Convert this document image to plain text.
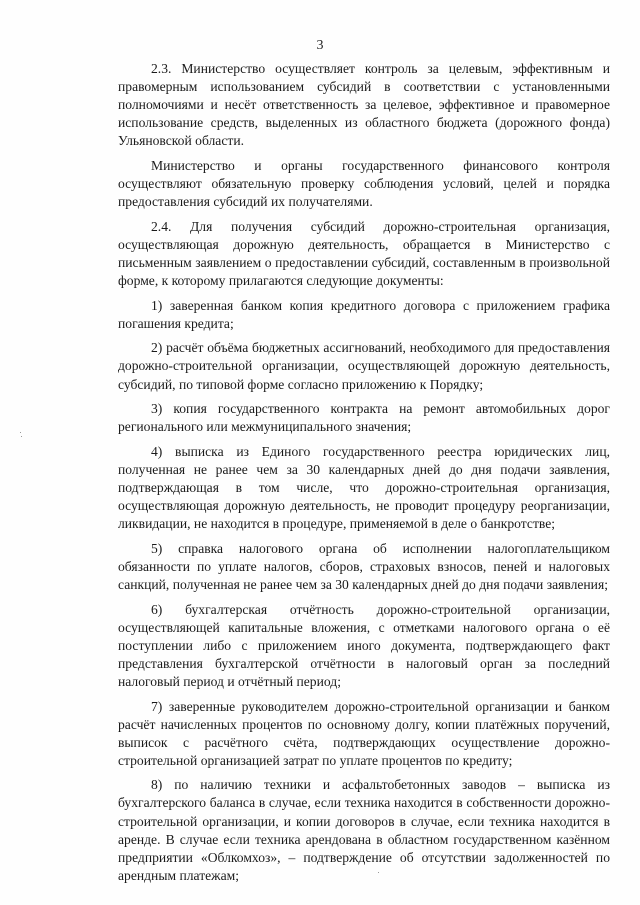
3

2.3. Министерство осуществляет контроль за целевым, эффективным и правомерным использованием субсидий в соответствии с установленными полномочиями и несёт ответственность за целевое, эффективное и правомерное использование средств, выделенных из областного бюджета (дорожного фонда) Ульяновской области.

Министерство и органы государственного финансового контроля осуществляют обязательную проверку соблюдения условий, целей и порядка предоставления субсидий их получателями.

2.4. Для получения субсидий дорожно-строительная организация, осуществляющая дорожную деятельность, обращается в Министерство с письменным заявлением о предоставлении субсидий, составленным в произвольной форме, к которому прилагаются следующие документы:

1) заверенная банком копия кредитного договора с приложением графика погашения кредита;

2) расчёт объёма бюджетных ассигнований, необходимого для предоставления дорожно-строительной организации, осуществляющей дорожную деятельность, субсидий, по типовой форме согласно приложению к Порядку;

3) копия государственного контракта на ремонт автомобильных дорог регионального или межмуниципального значения;

4) выписка из Единого государственного реестра юридических лиц, полученная не ранее чем за 30 календарных дней до дня подачи заявления, подтверждающая в том числе, что дорожно-строительная организация, осуществляющая дорожную деятельность, не проводит процедуру реорганизации, ликвидации, не находится в процедуре, применяемой в деле о банкротстве;

5) справка налогового органа об исполнении налогоплательщиком обязанности по уплате налогов, сборов, страховых взносов, пеней и налоговых санкций, полученная не ранее чем за 30 календарных дней до дня подачи заявления;

6) бухгалтерская отчётность дорожно-строительной организации, осуществляющей капитальные вложения, с отметками налогового органа о её поступлении либо с приложением иного документа, подтверждающего факт представления бухгалтерской отчётности в налоговый орган за последний налоговый период и отчётный период;

7) заверенные руководителем дорожно-строительной организации и банком расчёт начисленных процентов по основному долгу, копии платёжных поручений, выписок с расчётного счёта, подтверждающих осуществление дорожно-строительной организацией затрат по уплате процентов по кредиту;

8) по наличию техники и асфальтобетонных заводов – выписка из бухгалтерского баланса в случае, если техника находится в собственности дорожно-строительной организации, и копии договоров в случае, если техника находится в аренде. В случае если техника арендована в областном государственном казённом предприятии «Облкомхоз», – подтверждение об отсутствии задолженностей по арендным платежам;
